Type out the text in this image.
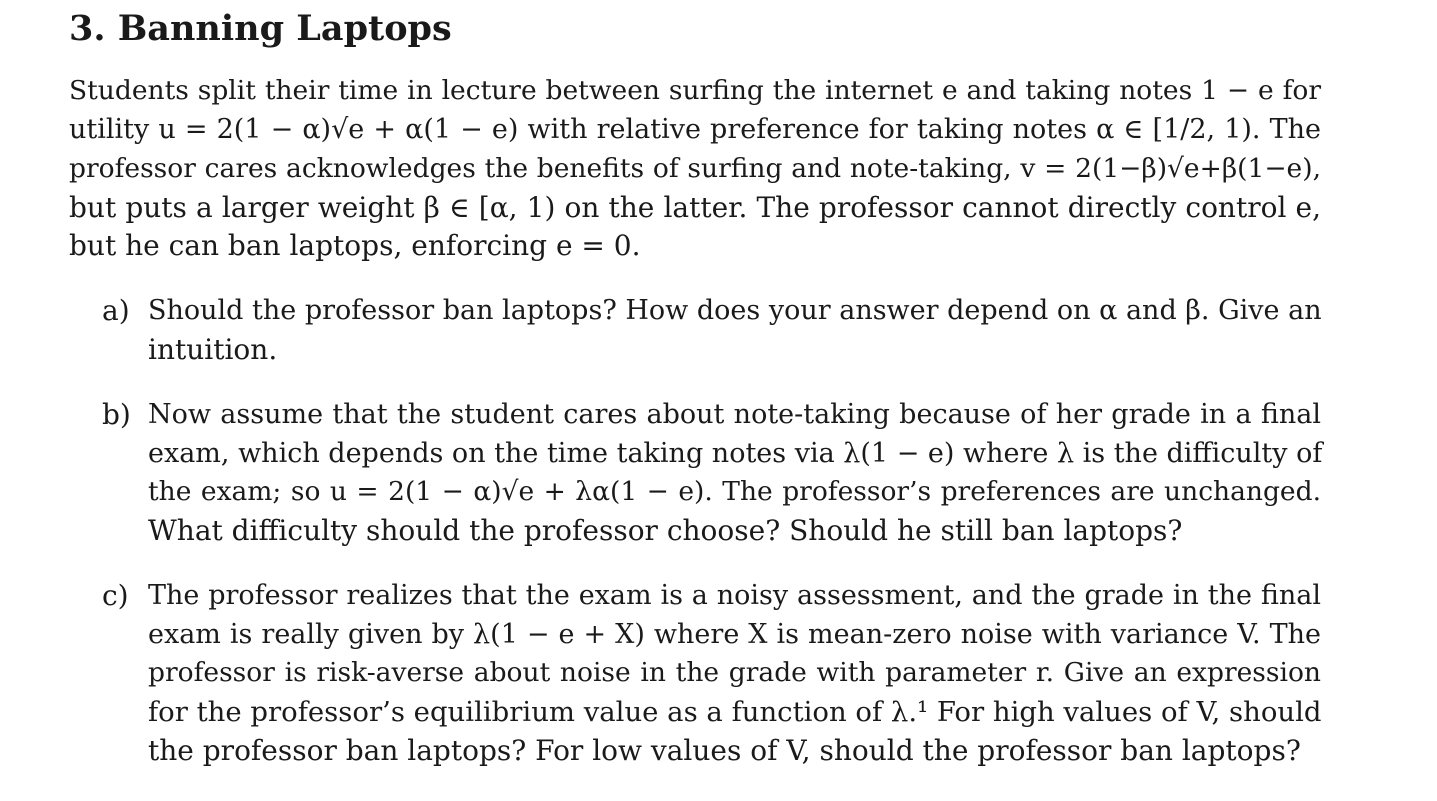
3. Banning Laptops
Students split their time in lecture between surfing the internet e and taking notes 1 − e for
utility u = 2(1 − α)√e + α(1 − e) with relative preference for taking notes α ∈ [1/2, 1). The
professor cares acknowledges the benefits of surfing and note-taking, v = 2(1−β)√e+β(1−e),
but puts a larger weight β ∈ [α, 1) on the latter. The professor cannot directly control e,
but he can ban laptops, enforcing e = 0.
a) Should the professor ban laptops? How does your answer depend on α and β. Give an
intuition.
b) Now assume that the student cares about note-taking because of her grade in a final
exam, which depends on the time taking notes via λ(1 − e) where λ is the difficulty of
the exam; so u = 2(1 − α)√e + λα(1 − e). The professor’s preferences are unchanged.
What difficulty should the professor choose? Should he still ban laptops?
c) The professor realizes that the exam is a noisy assessment, and the grade in the final
exam is really given by λ(1 − e + X) where X is mean-zero noise with variance V. The
professor is risk-averse about noise in the grade with parameter r. Give an expression
for the professor’s equilibrium value as a function of λ.¹ For high values of V, should
the professor ban laptops? For low values of V, should the professor ban laptops?
